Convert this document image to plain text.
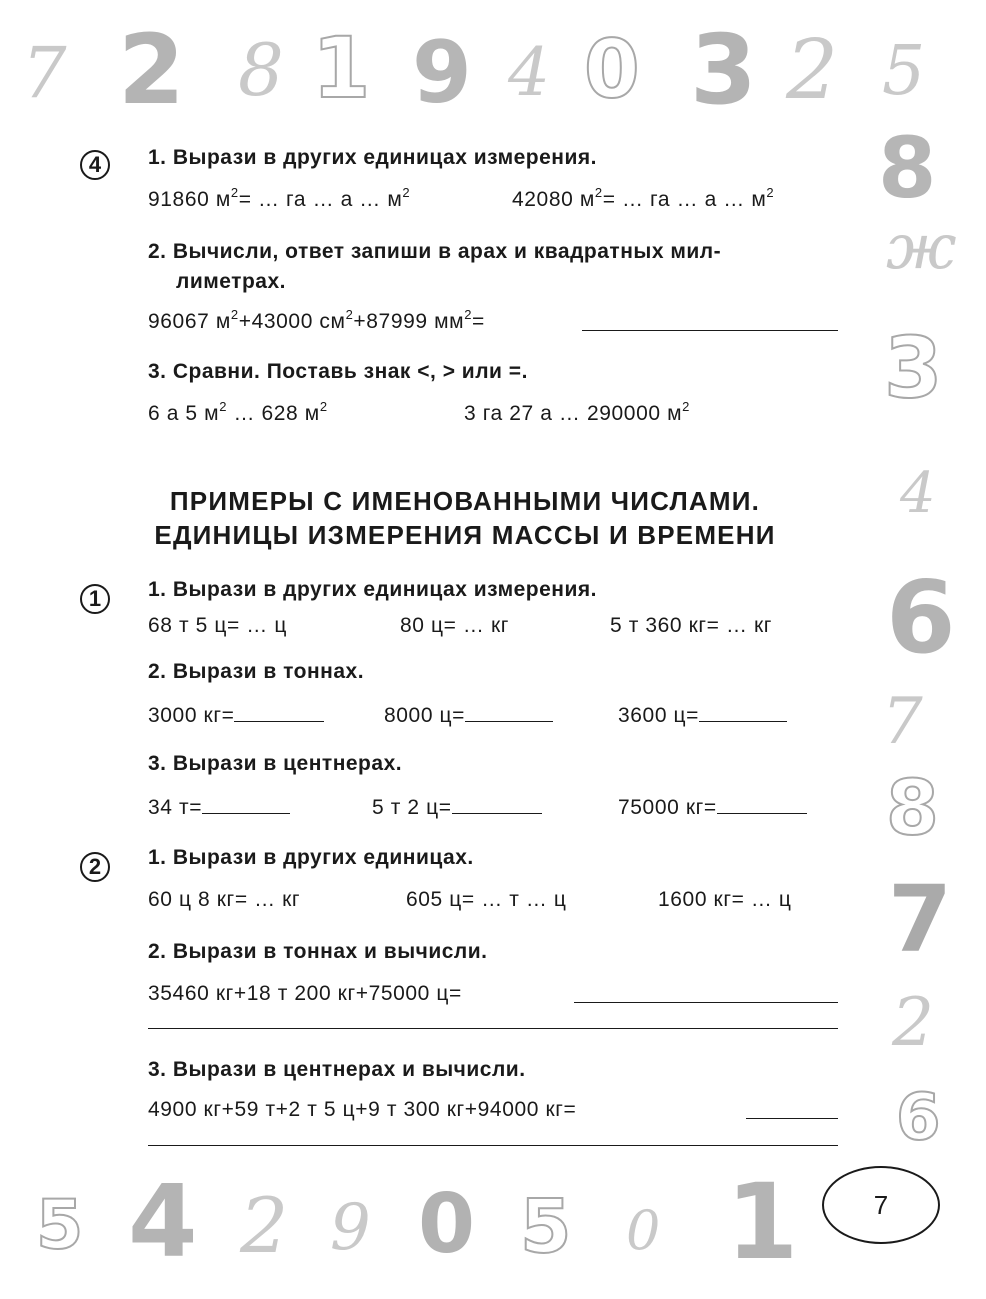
7 2 8 1 9 4 0 3 2 5
8
ж
3
4
6
7
8
7
2
6
5 4 2 9 0 5 0 1
4	1. Вырази в других единицах измерения.
91860 $м^2=$ … га … а … $м^2$	42080 $м^2=$ … га … а … $м^2$
2. Вычисли, ответ запиши в арах и квадратных мил-
лиметрах.
96067 $м^2+43000$ $см^2+87999$ $мм^2=$
3. Сравни. Поставь знак <, > или =.
6 а 5 $м^2$ … 628 $м^2$	3 га 27 а … 290000 $м^2$
ПРИМЕРЫ С ИМЕНОВАННЫМИ ЧИСЛАМИ.
ЕДИНИЦЫ ИЗМЕРЕНИЯ МАССЫ И ВРЕМЕНИ
1	1. Вырази в других единицах измерения.
68 т 5 ц= … ц	80 ц= … кг	5 т 360 кг= … кг
2. Вырази в тоннах.
3000 кг=	8000 ц=	3600 ц=
3. Вырази в центнерах.
34 т=	5 т 2 ц=	75000 кг=
2	1. Вырази в других единицах.
60 ц 8 кг= … кг	605 ц= … т … ц	1600 кг= … ц
2. Вырази в тоннах и вычисли.
35460 кг+18 т 200 кг+75000 ц=
3. Вырази в центнерах и вычисли.
4900 кг+59 т+2 т 5 ц+9 т 300 кг+94000 кг=
7
